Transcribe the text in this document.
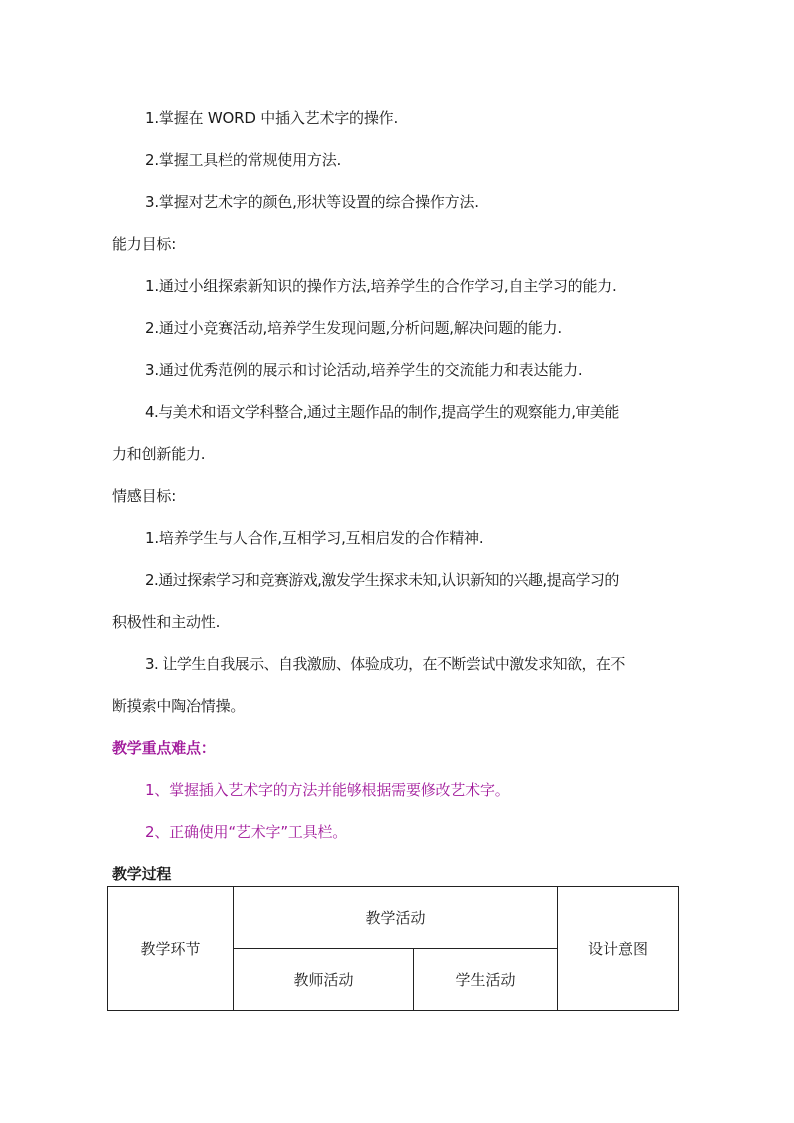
1.掌握在 WORD 中插入艺术字的操作.

2.掌握工具栏的常规使用方法.

3.掌握对艺术字的颜色,形状等设置的综合操作方法.

能力目标:

1.通过小组探索新知识的操作方法,培养学生的合作学习,自主学习的能力.

2.通过小竞赛活动,培养学生发现问题,分析问题,解决问题的能力.

3.通过优秀范例的展示和讨论活动,培养学生的交流能力和表达能力.

4.与美术和语文学科整合,通过主题作品的制作,提高学生的观察能力,审美能

力和创新能力.

情感目标:

1.培养学生与人合作,互相学习,互相启发的合作精神.

2.通过探索学习和竞赛游戏,激发学生探求未知,认识新知的兴趣,提高学习的

积极性和主动性.

3. 让学生自我展示、自我激励、体验成功，在不断尝试中激发求知欲，在不

断摸索中陶冶情操。

教学重点难点：

1、掌握插入艺术字的方法并能够根据需要修改艺术字。

2、正确使用“艺术字”工具栏。

教学过程

教学环节	教学活动		设计意图
	教师活动	学生活动	
